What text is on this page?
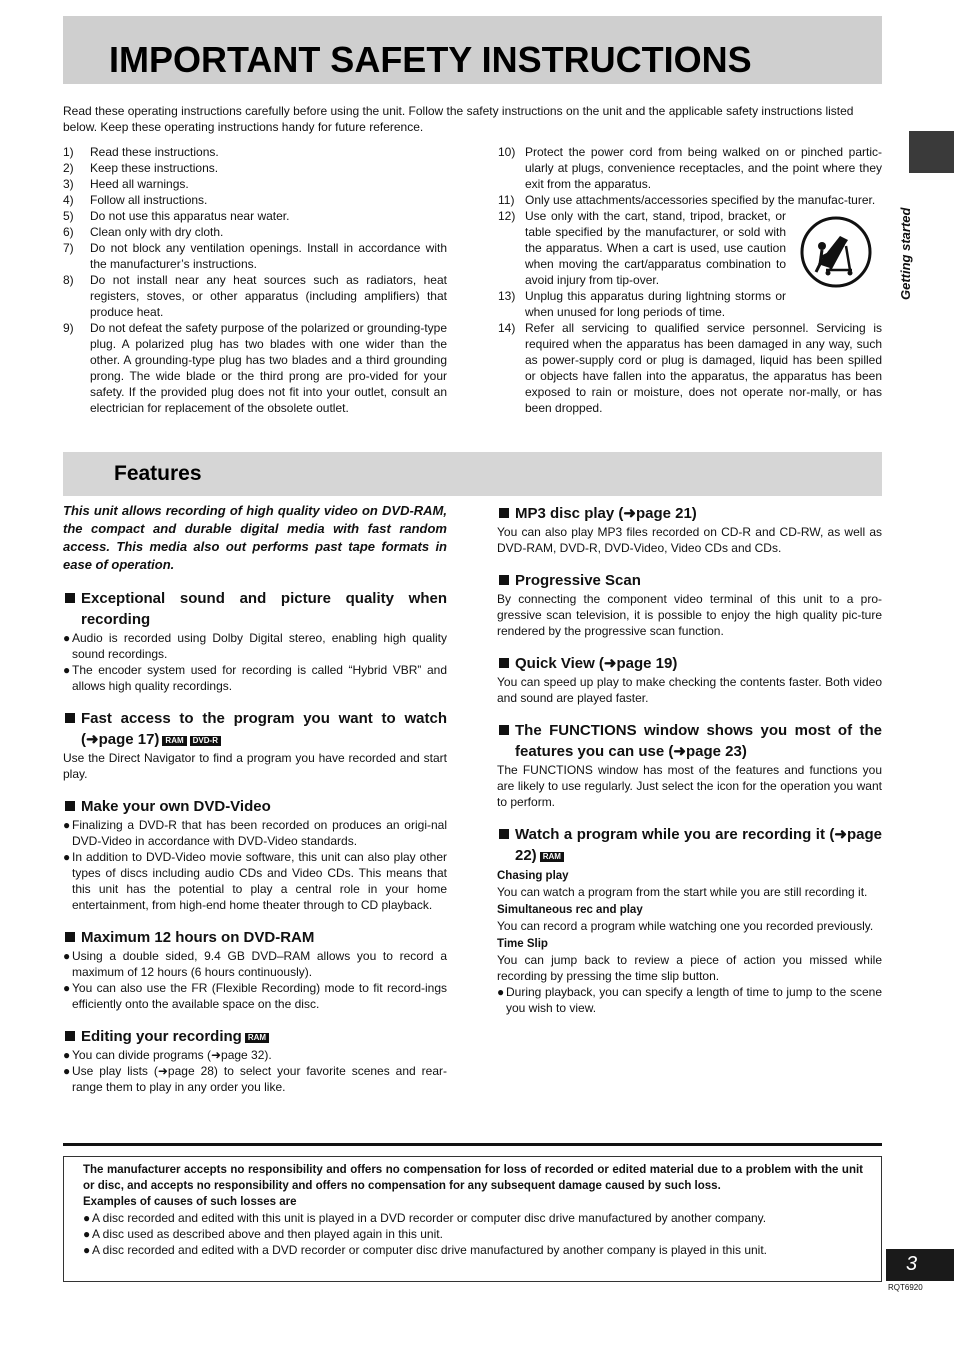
IMPORTANT SAFETY INSTRUCTIONS
Read these operating instructions carefully before using the unit. Follow the safety instructions on the unit and the applicable safety instructions listed below. Keep these operating instructions handy for future reference.
1) Read these instructions.
2) Keep these instructions.
3) Heed all warnings.
4) Follow all instructions.
5) Do not use this apparatus near water.
6) Clean only with dry cloth.
7) Do not block any ventilation openings. Install in accordance with the manufacturer’s instructions.
8) Do not install near any heat sources such as radiators, heat registers, stoves, or other apparatus (including amplifiers) that produce heat.
9) Do not defeat the safety purpose of the polarized or grounding-type plug. A polarized plug has two blades with one wider than the other. A grounding-type plug has two blades and a third grounding prong. The wide blade or the third prong are pro-vided for your safety. If the provided plug does not fit into your outlet, consult an electrician for replacement of the obsolete outlet.
10) Protect the power cord from being walked on or pinched partic-ularly at plugs, convenience receptacles, and the point where they exit from the apparatus.
11) Only use attachments/accessories specified by the manufac-turer.
12) Use only with the cart, stand, tripod, bracket, or table specified by the manufacturer, or sold with the apparatus. When a cart is used, use caution when moving the cart/apparatus combination to avoid injury from tip-over.
13) Unplug this apparatus during lightning storms or when unused for long periods of time.
14) Refer all servicing to qualified service personnel. Servicing is required when the apparatus has been damaged in any way, such as power-supply cord or plug is damaged, liquid has been spilled or objects have fallen into the apparatus, the apparatus has been exposed to rain or moisture, does not operate nor-mally, or has been dropped.
Getting started
Features
This unit allows recording of high quality video on DVD-RAM, the compact and durable digital media with fast random access. This media also out performs past tape formats in ease of operation.
Exceptional sound and picture quality when recording
● Audio is recorded using Dolby Digital stereo, enabling high quality sound recordings.
● The encoder system used for recording is called “Hybrid VBR” and allows high quality recordings.
Fast access to the program you want to watch (➜page 17) RAM DVD-R
Use the Direct Navigator to find a program you have recorded and start play.
Make your own DVD-Video
● Finalizing a DVD-R that has been recorded on produces an origi-nal DVD-Video in accordance with DVD-Video standards.
● In addition to DVD-Video movie software, this unit can also play other types of discs including audio CDs and Video CDs. This means that this unit has the potential to play a central role in your home entertainment, from high-end home theater through to CD playback.
Maximum 12 hours on DVD-RAM
● Using a double sided, 9.4 GB DVD–RAM allows you to record a maximum of 12 hours (6 hours continuously).
● You can also use the FR (Flexible Recording) mode to fit record-ings efficiently onto the available space on the disc.
Editing your recording RAM
● You can divide programs (➜page 32).
● Use play lists (➜page 28) to select your favorite scenes and rear-range them to play in any order you like.
MP3 disc play (➜page 21)
You can also play MP3 files recorded on CD-R and CD-RW, as well as DVD-RAM, DVD-R, DVD-Video, Video CDs and CDs.
Progressive Scan
By connecting the component video terminal of this unit to a pro-gressive scan television, it is possible to enjoy the high quality pic-ture rendered by the progressive scan function.
Quick View (➜page 19)
You can speed up play to make checking the contents faster. Both video and sound are played faster.
The FUNCTIONS window shows you most of the features you can use (➜page 23)
The FUNCTIONS window has most of the features and functions you are likely to use regularly. Just select the icon for the operation you want to perform.
Watch a program while you are recording it (➜page 22) RAM
Chasing play
You can watch a program from the start while you are still recording it.
Simultaneous rec and play
You can record a program while watching one you recorded previously.
Time Slip
You can jump back to review a piece of action you missed while recording by pressing the time slip button.
● During playback, you can specify a length of time to jump to the scene you wish to view.
The manufacturer accepts no responsibility and offers no compensation for loss of recorded or edited material due to a problem with the unit or disc, and accepts no responsibility and offers no compensation for any subsequent damage caused by such loss.
Examples of causes of such losses are
● A disc recorded and edited with this unit is played in a DVD recorder or computer disc drive manufactured by another company.
● A disc used as described above and then played again in this unit.
● A disc recorded and edited with a DVD recorder or computer disc drive manufactured by another company is played in this unit.
3
RQT6920
